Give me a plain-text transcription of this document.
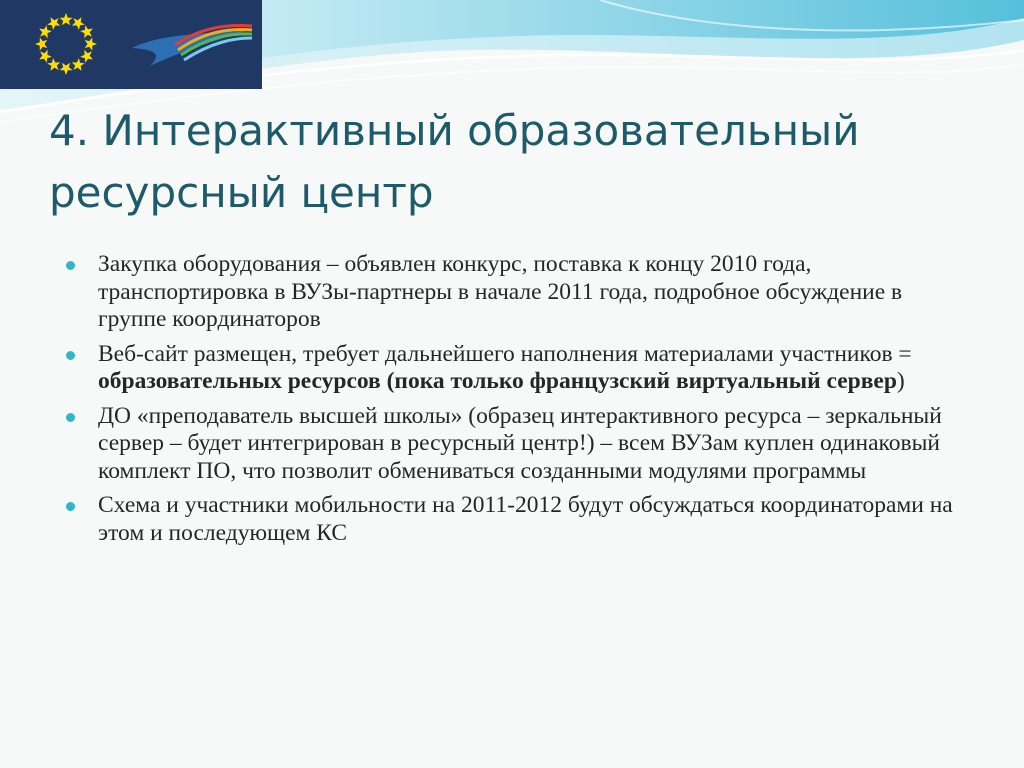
4. Интерактивный образовательный ресурсный центр
Закупка оборудования – объявлен конкурс, поставка к концу 2010 года, транспортировка в ВУЗы-партнеры в начале 2011 года, подробное обсуждение в группе координаторов
Веб-сайт размещен, требует дальнейшего наполнения материалами участников = образовательных ресурсов (пока только французский виртуальный сервер)
ДО «преподаватель высшей школы» (образец интерактивного ресурса – зеркальный сервер – будет интегрирован в ресурсный центр!) – всем ВУЗам куплен одинаковый комплект ПО, что позволит обмениваться созданными модулями программы
Схема и участники мобильности на 2011-2012 будут обсуждаться координаторами на этом и последующем КС
